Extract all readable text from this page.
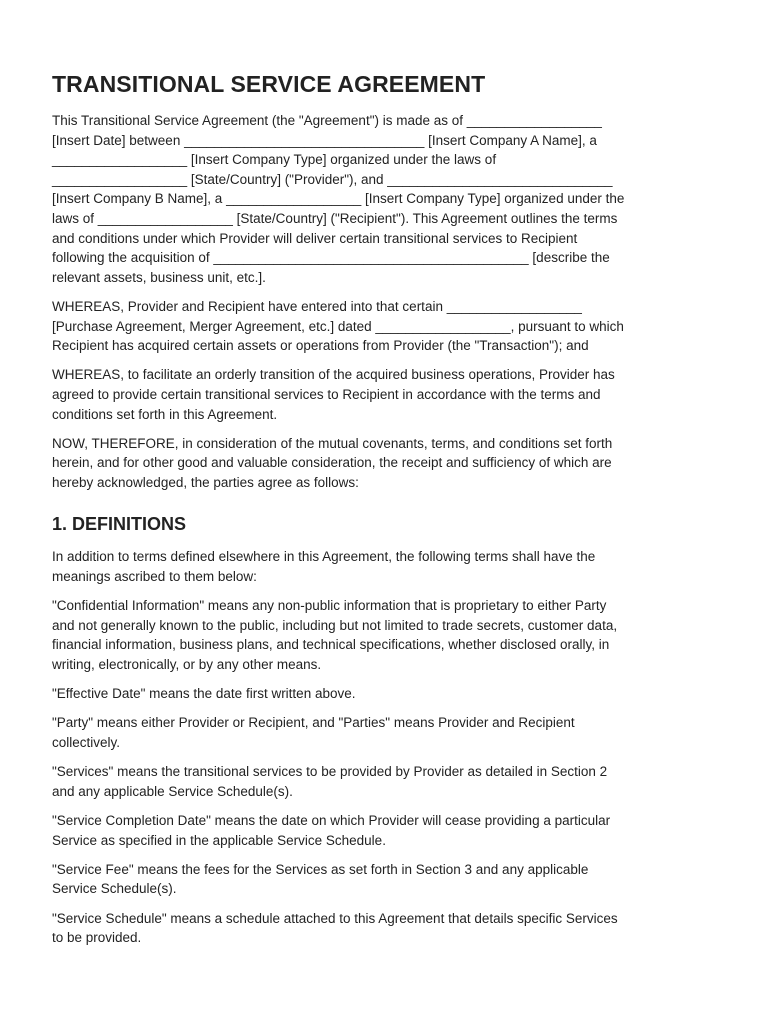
TRANSITIONAL SERVICE AGREEMENT

This Transitional Service Agreement (the "Agreement") is made as of __________________
[Insert Date] between ________________________________ [Insert Company A Name], a
__________________ [Insert Company Type] organized under the laws of
__________________ [State/Country] ("Provider"), and ______________________________
[Insert Company B Name], a __________________ [Insert Company Type] organized under the
laws of __________________ [State/Country] ("Recipient"). This Agreement outlines the terms
and conditions under which Provider will deliver certain transitional services to Recipient
following the acquisition of __________________________________________ [describe the
relevant assets, business unit, etc.].

WHEREAS, Provider and Recipient have entered into that certain __________________
[Purchase Agreement, Merger Agreement, etc.] dated __________________, pursuant to which
Recipient has acquired certain assets or operations from Provider (the "Transaction"); and

WHEREAS, to facilitate an orderly transition of the acquired business operations, Provider has
agreed to provide certain transitional services to Recipient in accordance with the terms and
conditions set forth in this Agreement.

NOW, THEREFORE, in consideration of the mutual covenants, terms, and conditions set forth
herein, and for other good and valuable consideration, the receipt and sufficiency of which are
hereby acknowledged, the parties agree as follows:

1. DEFINITIONS

In addition to terms defined elsewhere in this Agreement, the following terms shall have the
meanings ascribed to them below:

"Confidential Information" means any non-public information that is proprietary to either Party
and not generally known to the public, including but not limited to trade secrets, customer data,
financial information, business plans, and technical specifications, whether disclosed orally, in
writing, electronically, or by any other means.

"Effective Date" means the date first written above.

"Party" means either Provider or Recipient, and "Parties" means Provider and Recipient
collectively.

"Services" means the transitional services to be provided by Provider as detailed in Section 2
and any applicable Service Schedule(s).

"Service Completion Date" means the date on which Provider will cease providing a particular
Service as specified in the applicable Service Schedule.

"Service Fee" means the fees for the Services as set forth in Section 3 and any applicable
Service Schedule(s).

"Service Schedule" means a schedule attached to this Agreement that details specific Services
to be provided.
